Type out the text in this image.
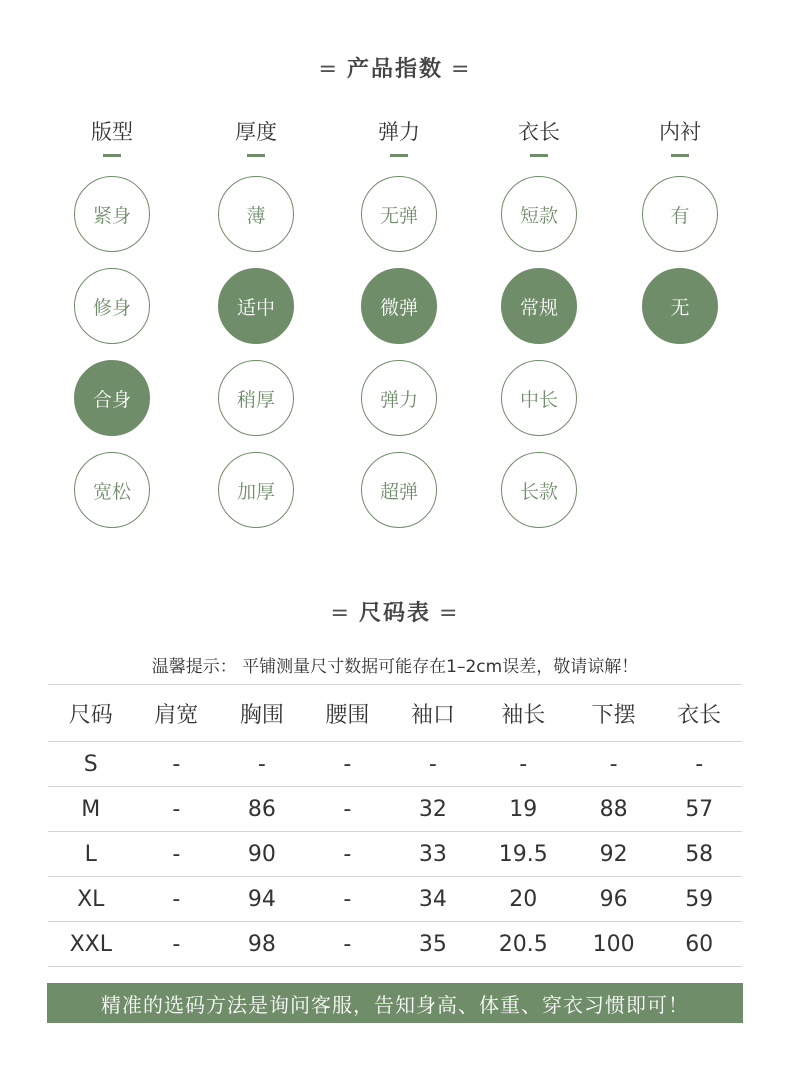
= 产品指数 =
版型
紧身
修身
合身
宽松
厚度
薄
适中
稍厚
加厚
弹力
无弹
微弹
弹力
超弹
衣长
短款
常规
中长
长款
内衬
有
无
= 尺码表 =
温馨提示： 平铺测量尺寸数据可能存在1–2cm误差，敬请谅解！
尺码	肩宽	胸围	腰围	袖口	袖长	下摆	衣长
S	-	-	-	-	-	-	-
M	-	86	-	32	19	88	57
L	-	90	-	33	19.5	92	58
XL	-	94	-	34	20	96	59
XXL	-	98	-	35	20.5	100	60
精准的选码方法是询问客服，告知身高、体重、穿衣习惯即可！
